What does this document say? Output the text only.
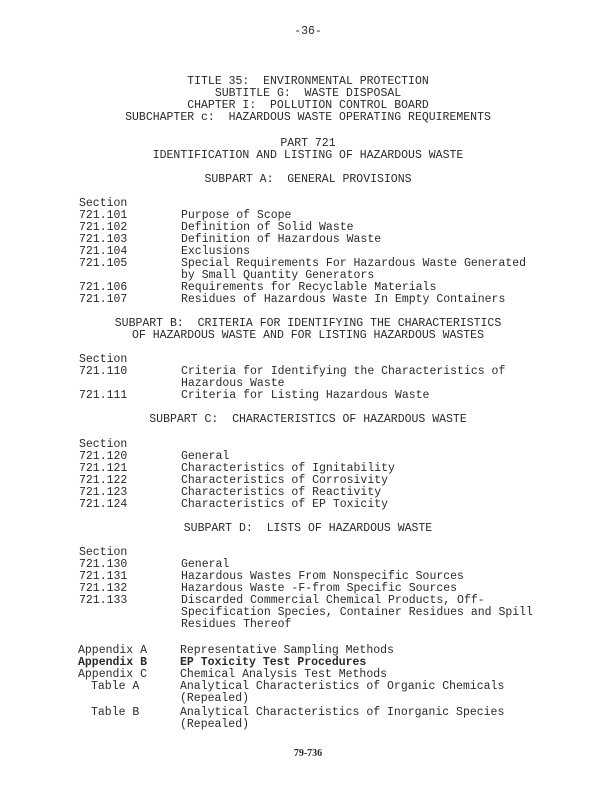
-36-
TITLE 35:  ENVIRONMENTAL PROTECTION
SUBTITLE G:  WASTE DISPOSAL
CHAPTER I:  POLLUTION CONTROL BOARD
SUBCHAPTER c:  HAZARDOUS WASTE OPERATING REQUIREMENTS
PART 721
IDENTIFICATION AND LISTING OF HAZARDOUS WASTE
SUBPART A:  GENERAL PROVISIONS
Section
721.101	Purpose of Scope
721.102	Definition of Solid Waste
721.103	Definition of Hazardous Waste
721.104	Exclusions
721.105	Special Requirements For Hazardous Waste Generated
by Small Quantity Generators
721.106	Requirements for Recyclable Materials
721.107	Residues of Hazardous Waste In Empty Containers
SUBPART B:  CRITERIA FOR IDENTIFYING THE CHARACTERISTICS
OF HAZARDOUS WASTE AND FOR LISTING HAZARDOUS WASTES
Section
721.110	Criteria for Identifying the Characteristics of
Hazardous Waste
721.111	Criteria for Listing Hazardous Waste
SUBPART C:  CHARACTERISTICS OF HAZARDOUS WASTE
Section
721.120	General
721.121	Characteristics of Ignitability
721.122	Characteristics of Corrosivity
721.123	Characteristics of Reactivity
721.124	Characteristics of EP Toxicity
SUBPART D:  LISTS OF HAZARDOUS WASTE
Section
721.130	General
721.131	Hazardous Wastes From Nonspecific Sources
721.132	Hazardous Waste -F-from Specific Sources
721.133	Discarded Commercial Chemical Products, Off-
Specification Species, Container Residues and Spill
Residues Thereof
Appendix A	Representative Sampling Methods
Appendix B	EP Toxicity Test Procedures
Appendix C	Chemical Analysis Test Methods
Table A	Analytical Characteristics of Organic Chemicals
(Repealed)
Table B	Analytical Characteristics of Inorganic Species
(Repealed)
79-736
